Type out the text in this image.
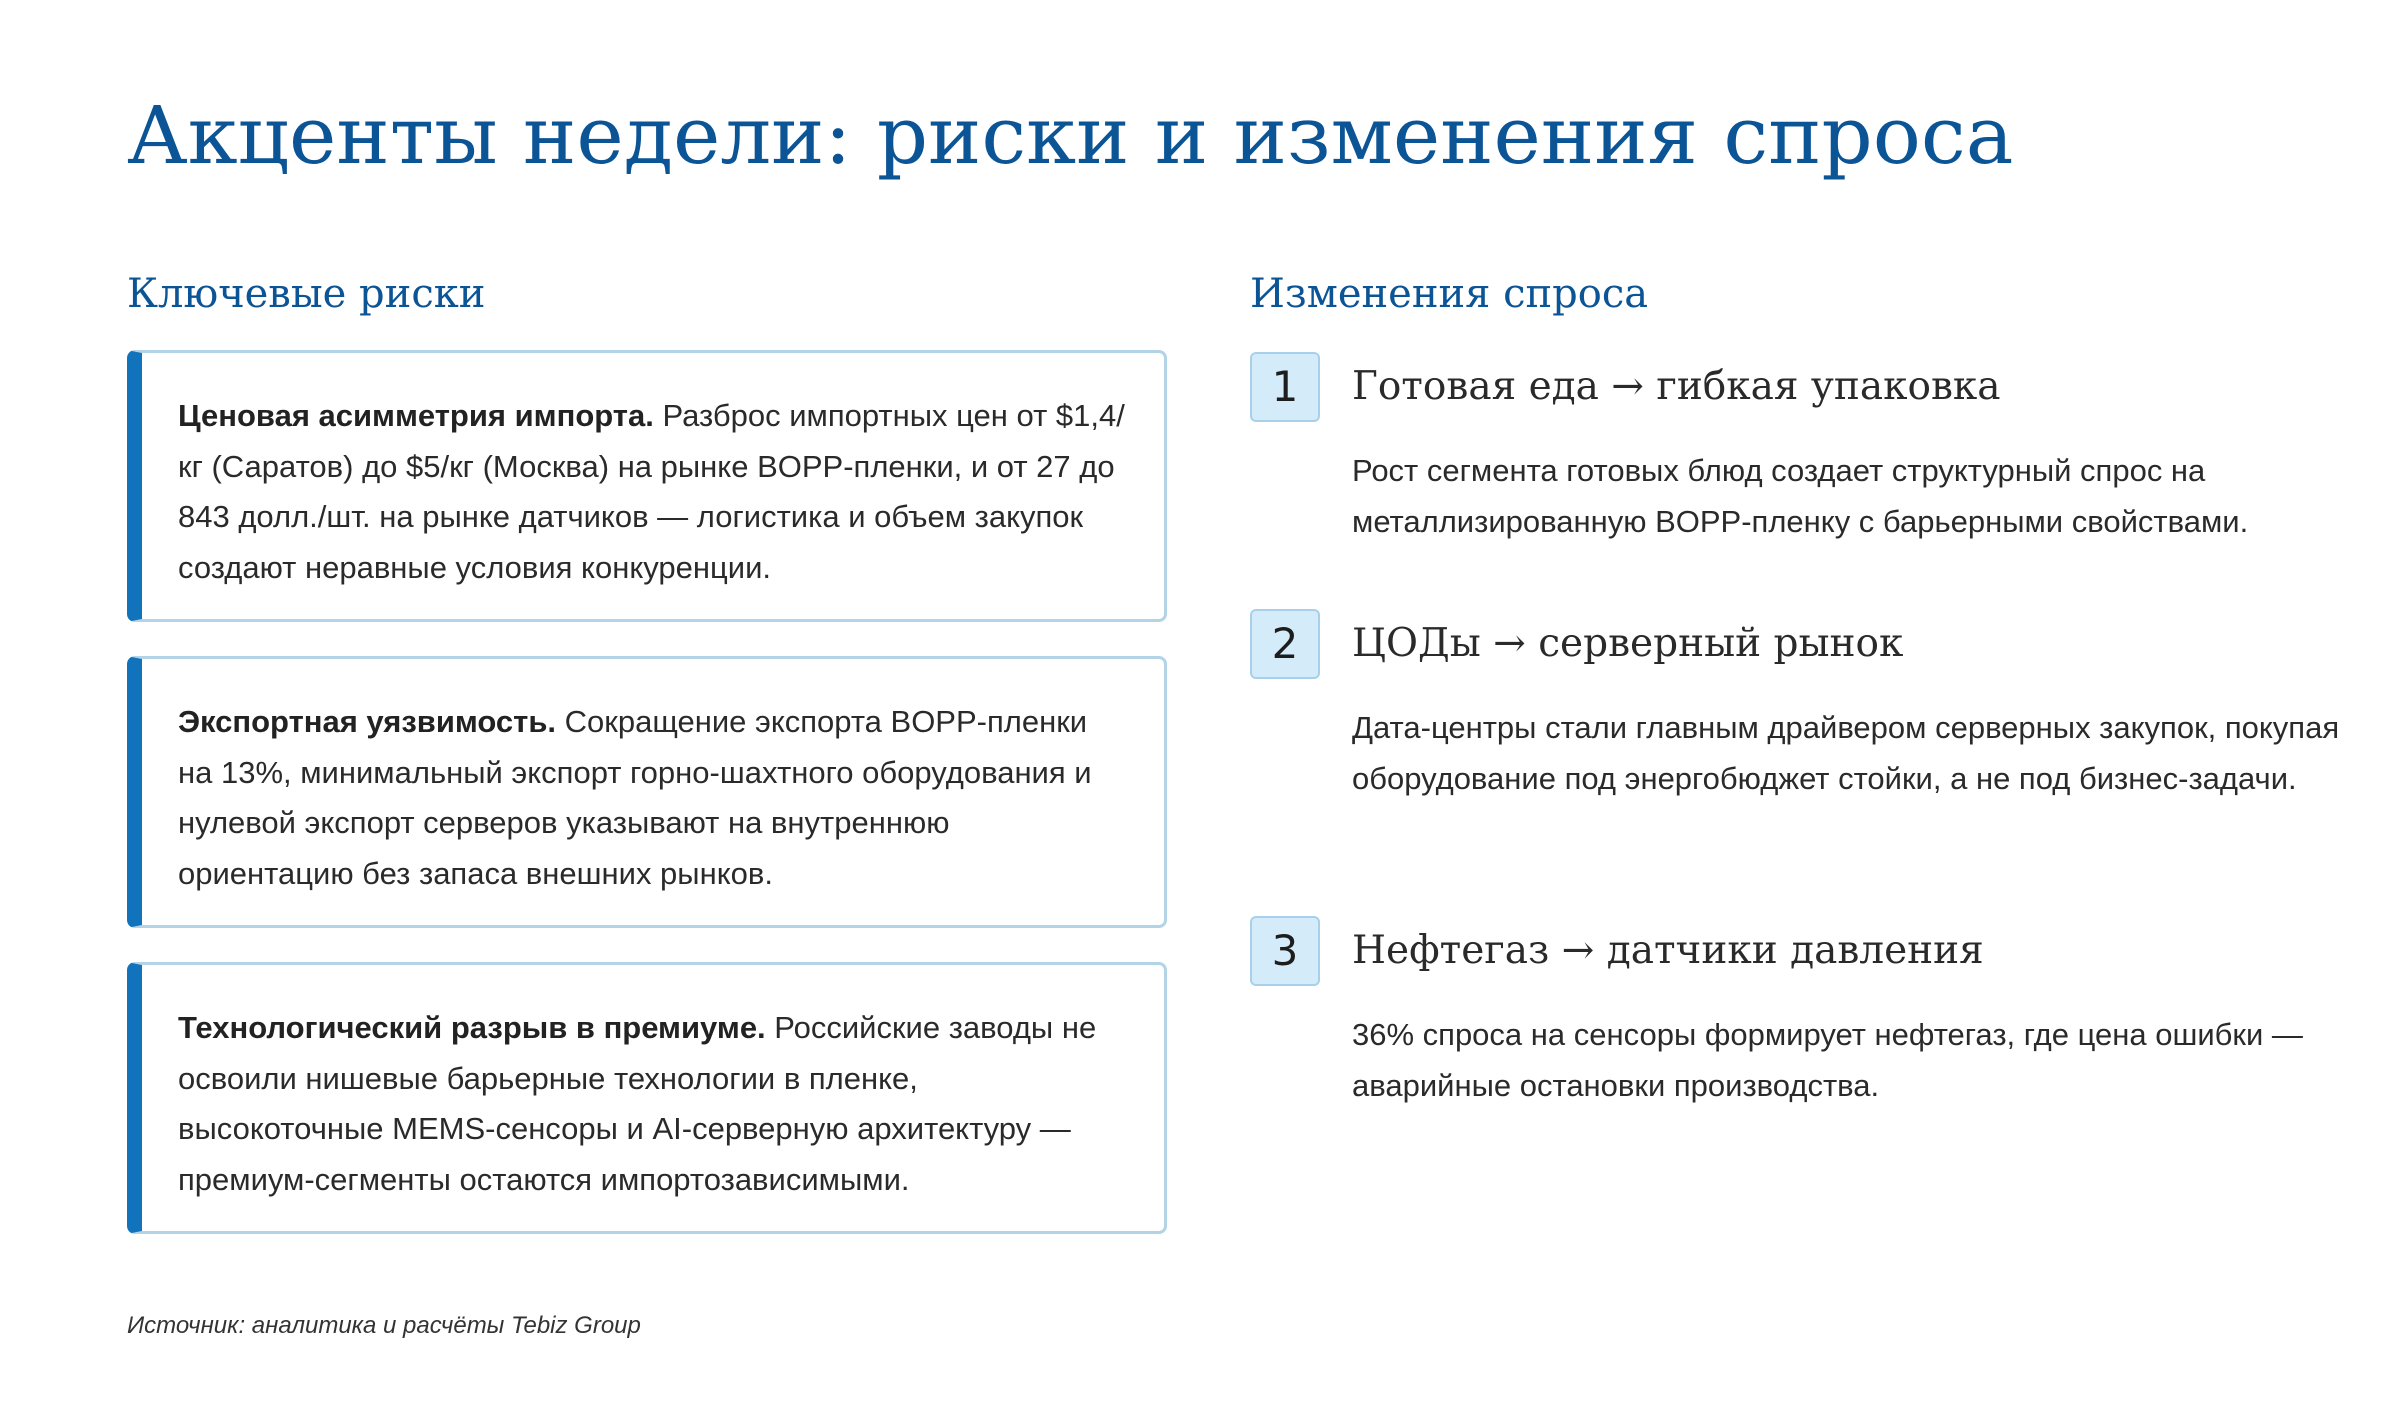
Акценты недели: риски и изменения спроса
Ключевые риски

Ценовая асимметрия импорта. Разброс импортных цен от $1,4/кг (Саратов) до $5/кг (Москва) на рынке BOPP-пленки, и от 27 до 843 долл./шт. на рынке датчиков — логистика и объем закупок создают неравные условия конкуренции.

Экспортная уязвимость. Сокращение экспорта BOPP-пленки на 13%, минимальный экспорт горно-шахтного оборудования и нулевой экспорт серверов указывают на внутреннюю ориентацию без запаса внешних рынков.

Технологический разрыв в премиуме. Российские заводы не освоили нишевые барьерные технологии в пленке, высокоточные MEMS-сенсоры и AI-серверную архитектуру — премиум-сегменты остаются импортозависимыми.

Изменения спроса
1	Готовая еда → гибкая упаковка

Рост сегмента готовых блюд создает структурный спрос на металлизированную BOPP-пленку с барьерными свойствами.

2	ЦОДы → серверный рынок

Дата-центры стали главным драйвером серверных закупок, покупая оборудование под энергобюджет стойки, а не под бизнес-задачи.

3	Нефтегаз → датчики давления

36% спроса на сенсоры формирует нефтегаз, где цена ошибки — аварийные остановки производства.

Источник: аналитика и расчёты Tebiz Group
